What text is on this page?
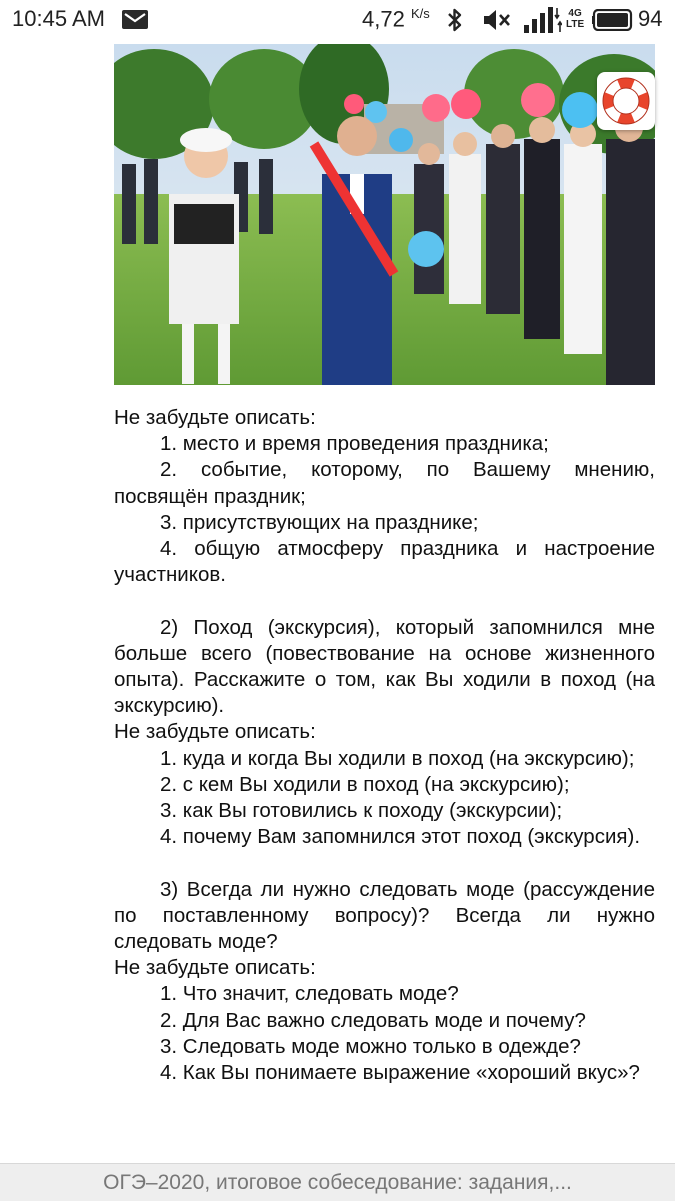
10:45 AM	4,72 $^{K/s}$	4G
LTE 94

Не забудьте описать:

1. место и время проведения праздника;

2. событие, которому, по Вашему мнению, посвящён праздник;

3. присутствующих на празднике;

4. общую атмосферу праздника и настроение участников.

2) Поход (экскурсия), который запомнился мне больше всего (повествование на основе жизненного опыта). Расскажите о том, как Вы ходили в поход (на экскурсию).

Не забудьте описать:

1. куда и когда Вы ходили в поход (на экскурсию);

2. с кем Вы ходили в поход (на экскурсию);

3. как Вы готовились к походу (экскурсии);

4. почему Вам запомнился этот поход (экскурсия).

3) Всегда ли нужно следовать моде (рассуждение по поставленному вопросу)? Всегда ли нужно следовать моде?

Не забудьте описать:

1. Что значит, следовать моде?

2. Для Вас важно следовать моде и почему?

3. Следовать моде можно только в одежде?

4. Как Вы понимаете выражение «хороший вкус»?

ОГЭ–2020, итоговое собеседование: задания,...
